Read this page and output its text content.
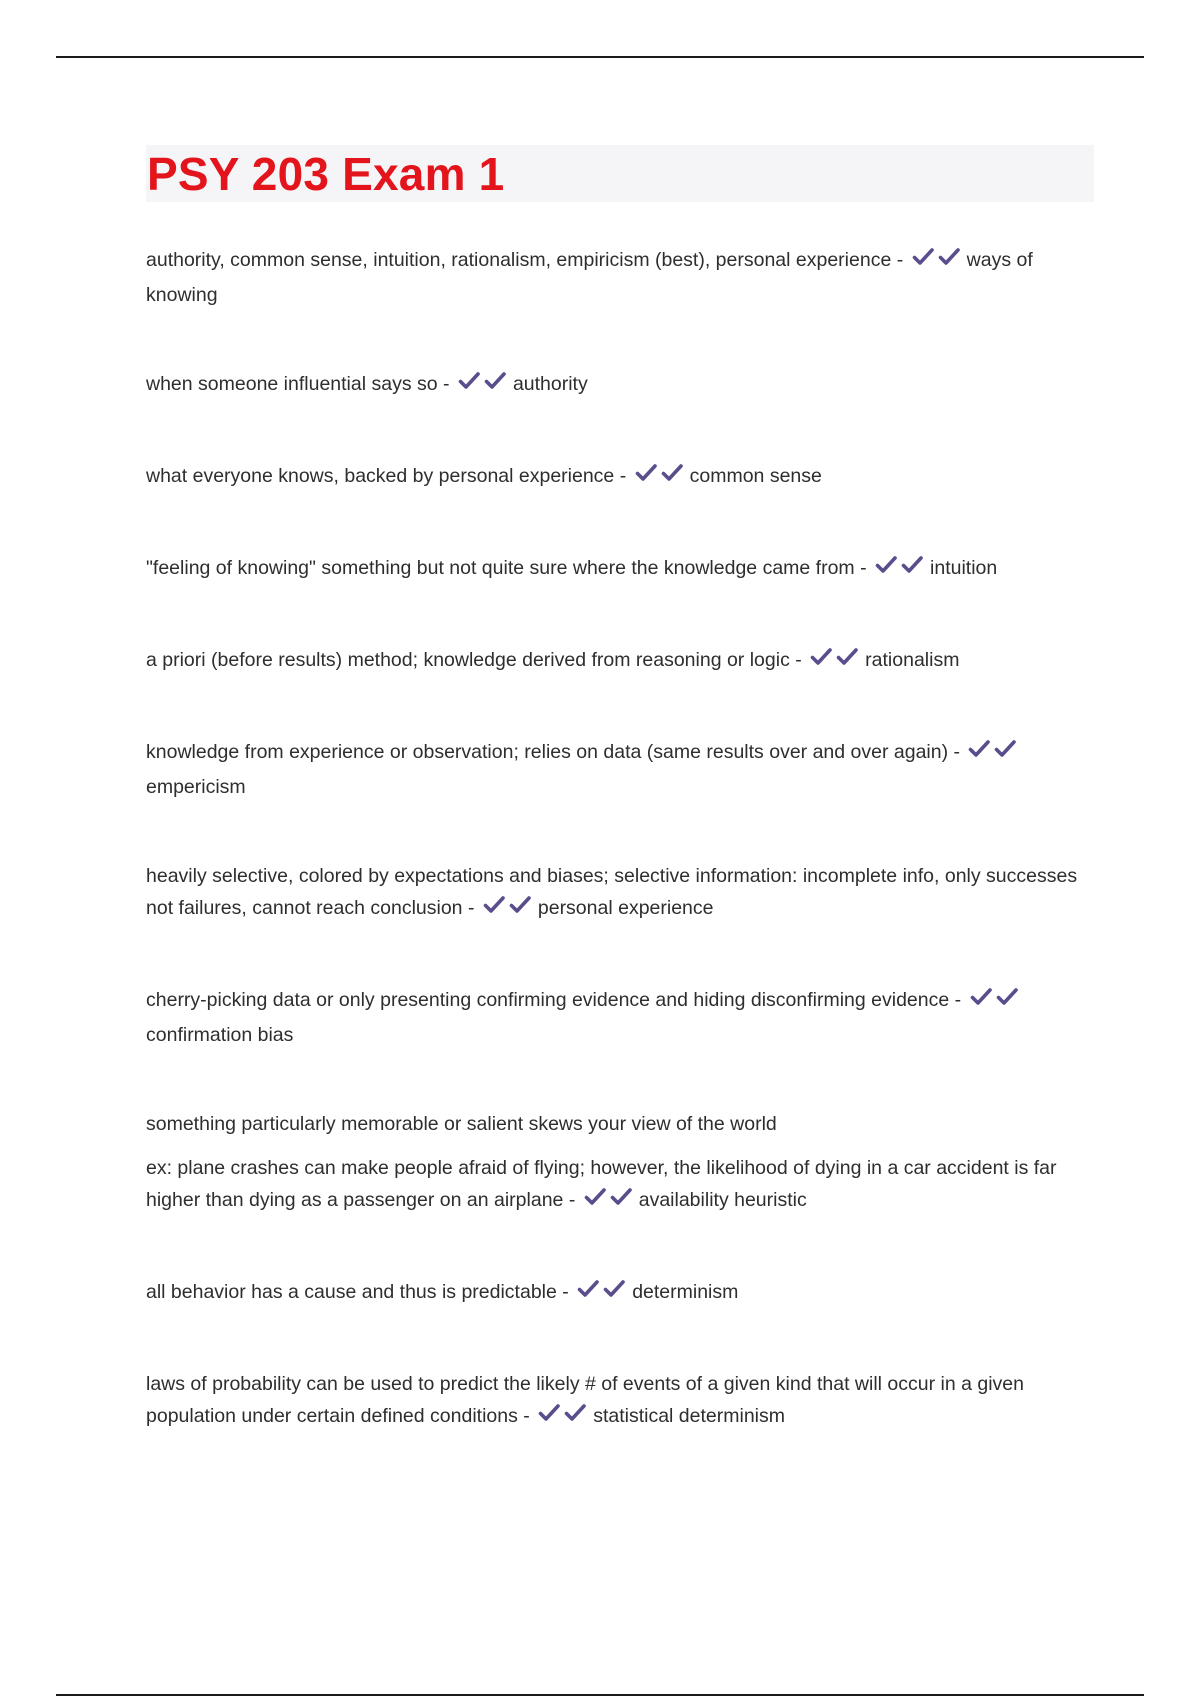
PSY 203 Exam 1

authority, common sense, intuition, rationalism, empiricism (best), personal experience -	ways of knowing

when someone influential says so -	authority

what everyone knows, backed by personal experience -	common sense

"feeling of knowing" something but not quite sure where the knowledge came from -	intuition

a priori (before results) method; knowledge derived from reasoning or logic -	rationalism

knowledge from experience or observation; relies on data (same results over and over again) -
empericism

heavily selective, colored by expectations and biases; selective information: incomplete info, only successes not failures, cannot reach conclusion -	personal experience

cherry-picking data or only presenting confirming evidence and hiding disconfirming evidence -
confirmation bias

something particularly memorable or salient skews your view of the world

ex: plane crashes can make people afraid of flying; however, the likelihood of dying in a car accident is far higher than dying as a passenger on an airplane -	availability heuristic

all behavior has a cause and thus is predictable -	determinism

laws of probability can be used to predict the likely # of events of a given kind that will occur in a given population under certain defined conditions -	statistical determinism
